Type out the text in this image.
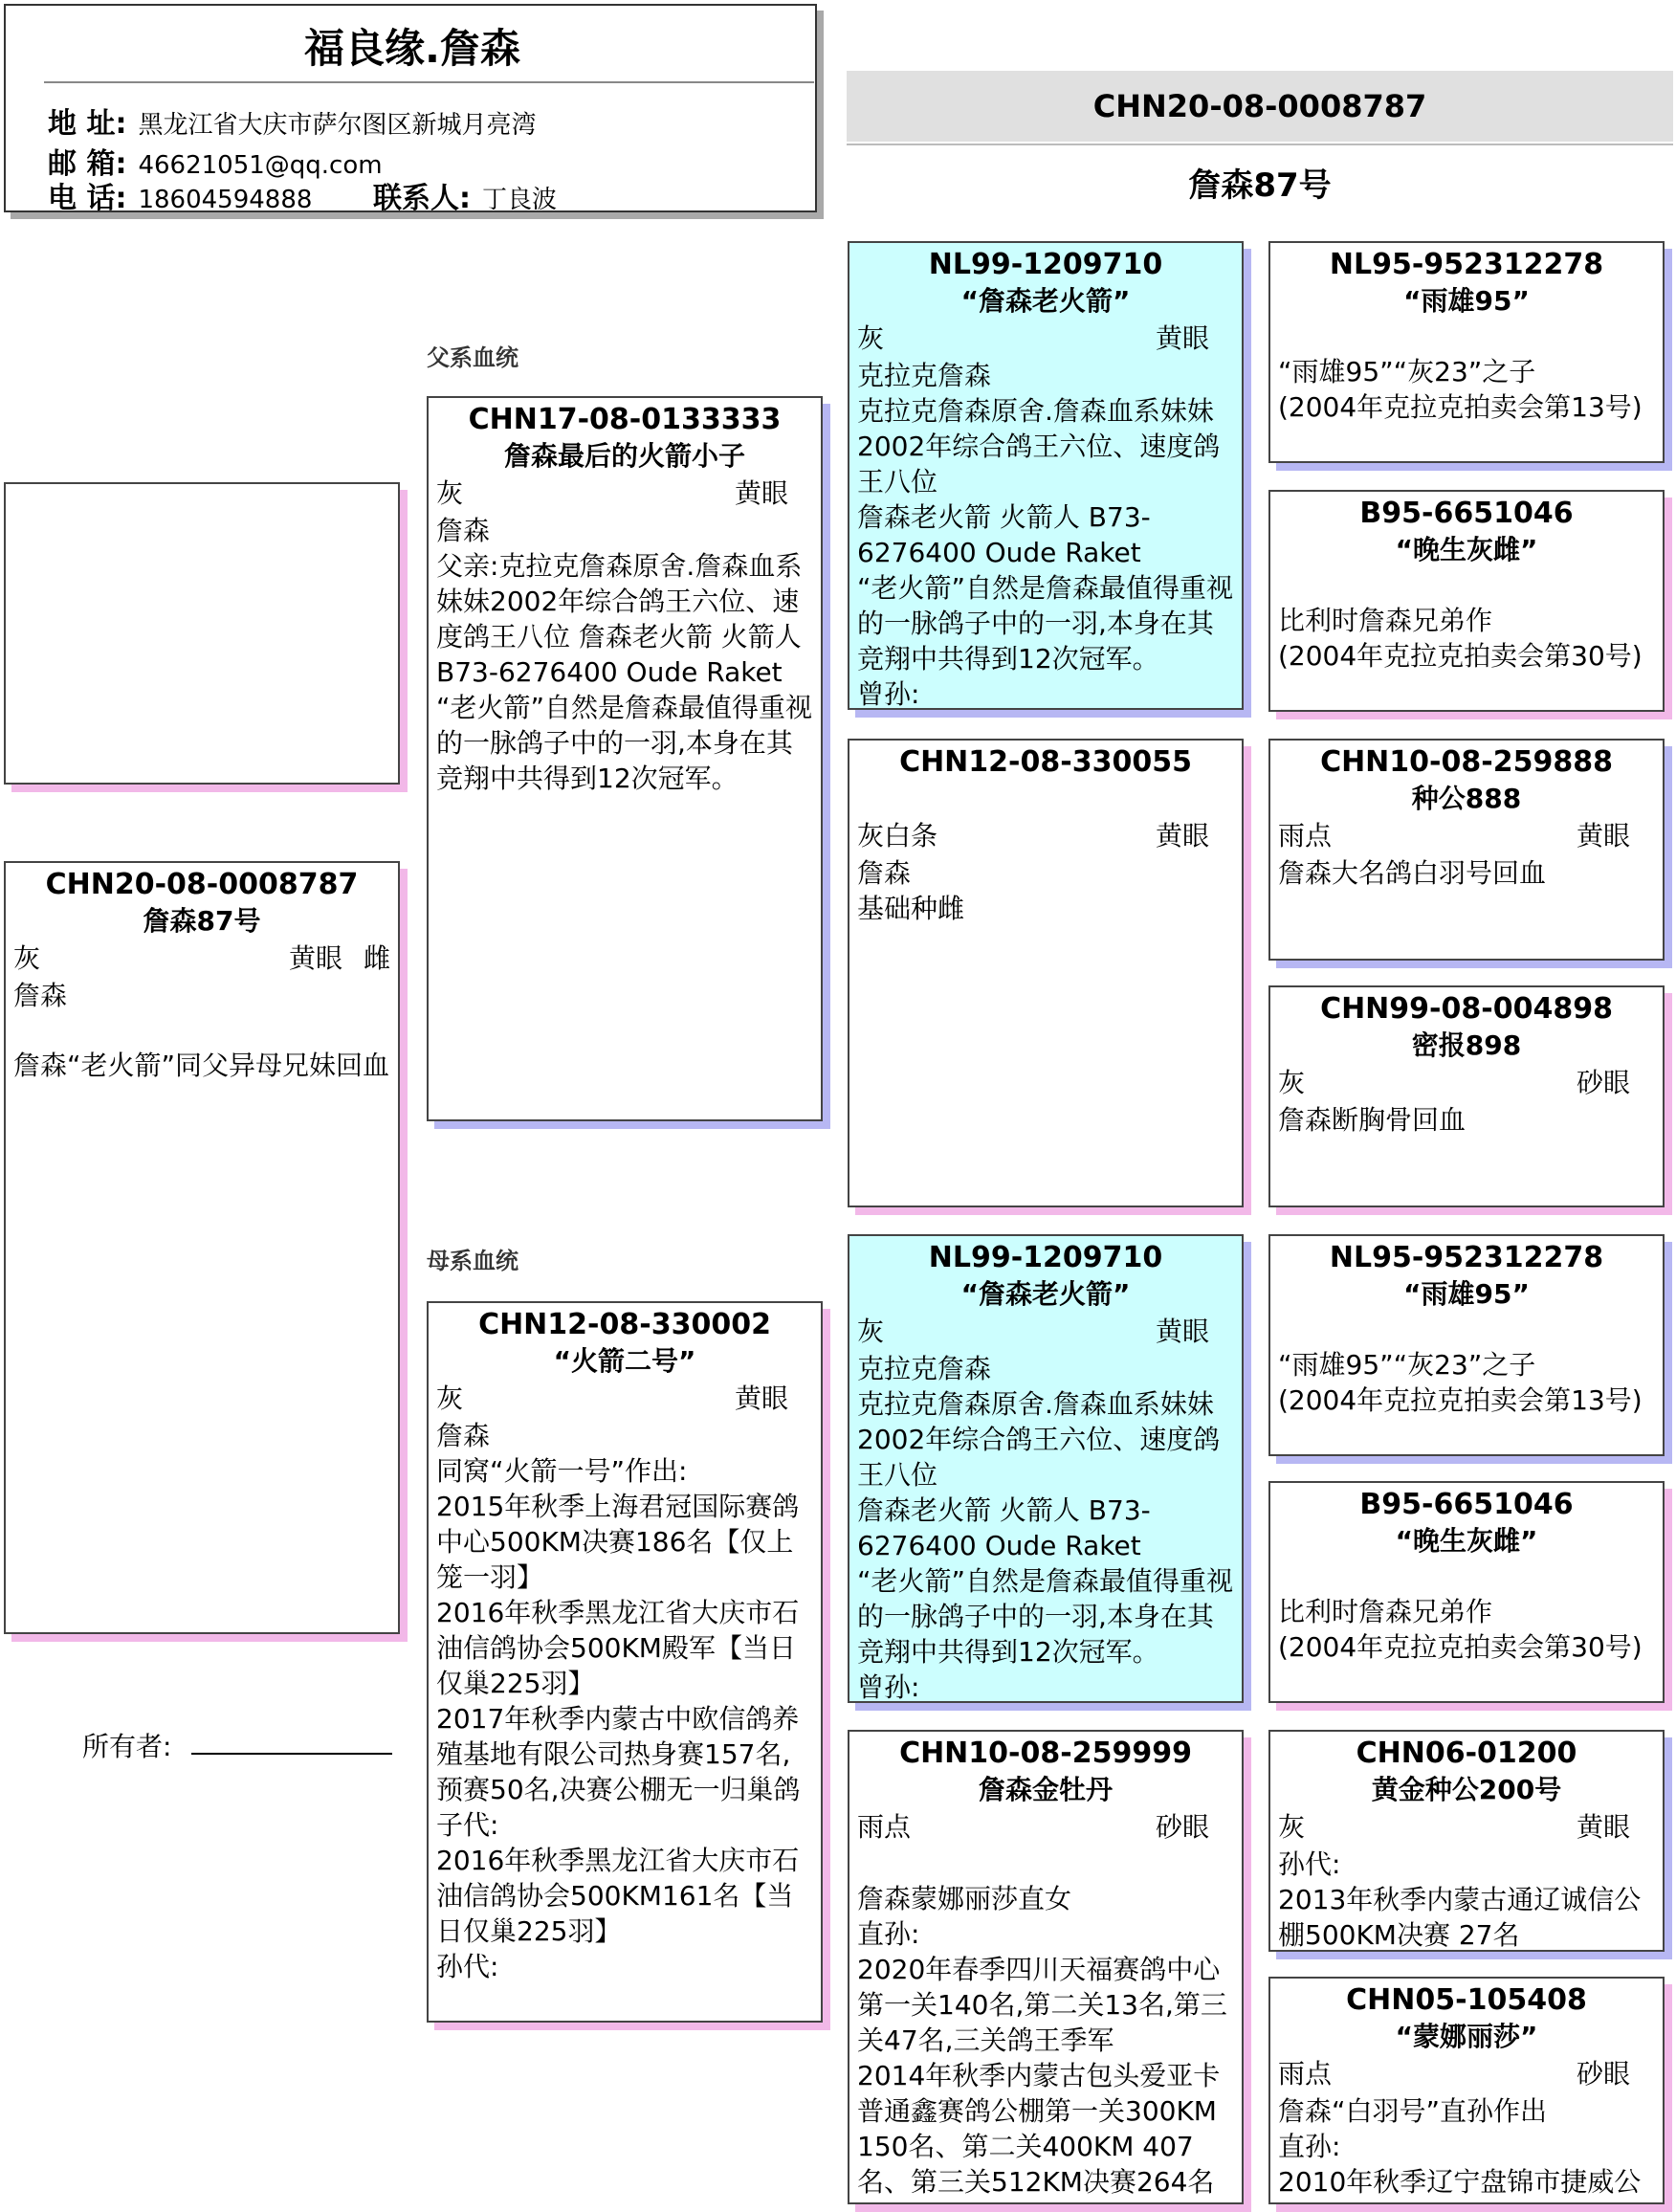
福良缘.詹森
地 址: 黑龙江省大庆市萨尔图区新城月亮湾
邮 箱: 46621051@qq.com
电 话: 18604594888 联系人: 丁良波
CHN20-08-0008787
詹森87号
CHN20-08-0008787
詹森87号
灰	黄眼 雌
詹森
詹森“老火箭”同父异母兄妹回血
父系血统
母系血统
所有者:
CHN17-08-0133333
詹森最后的火箭小子
灰	黄眼
詹森
父亲:克拉克詹森原舍.詹森血系 妹妹2002年综合鸽王六位、速度鸽王八位 詹森老火箭 火箭人 B73-6276400 Oude Raket “老火箭”自然是詹森最值得重视的一脉鸽子中的一羽,本身在其竞翔中共得到12次冠军。
CHN12-08-330002
“火箭二号”
灰	黄眼
詹森
同窝“火箭一号”作出:
2015年秋季上海君冠国际赛鸽中心500KM决赛186名【仅上笼一羽】
2016年秋季黑龙江省大庆市石油信鸽协会500KM殿军【当日仅巢225羽】
2017年秋季内蒙古中欧信鸽养殖基地有限公司热身赛157名,预赛50名,决赛公棚无一归巢鸽
子代:
2016年秋季黑龙江省大庆市石油信鸽协会500KM161名【当日仅巢225羽】
孙代:
NL99-1209710
“詹森老火箭”
灰	黄眼
克拉克詹森
克拉克詹森原舍.詹森血系妹妹2002年综合鸽王六位、速度鸽王八位
詹森老火箭 火箭人 B73-6276400 Oude Raket
“老火箭”自然是詹森最值得重视的一脉鸽子中的一羽,本身在其竞翔中共得到12次冠军。
曾孙:
CHN12-08-330055
灰白条	黄眼
詹森
基础种雌
NL99-1209710
“詹森老火箭”
灰	黄眼
克拉克詹森
克拉克詹森原舍.詹森血系妹妹2002年综合鸽王六位、速度鸽王八位
詹森老火箭 火箭人 B73-6276400 Oude Raket
“老火箭”自然是詹森最值得重视的一脉鸽子中的一羽,本身在其竞翔中共得到12次冠军。
曾孙:
CHN10-08-259999
詹森金牡丹
雨点	砂眼
詹森蒙娜丽莎直女
直孙:
2020年春季四川天福赛鸽中心第一关140名,第二关13名,第三关47名,三关鸽王季军
2014年秋季内蒙古包头爱亚卡普通鑫赛鸽公棚第一关300KM 150名、第二关400KM 407名、第三关512KM决赛264名
NL95-952312278
“雨雄95”
“雨雄95”“灰23”之子
(2004年克拉克拍卖会第13号)
B95-6651046
“晚生灰雌”
比利时詹森兄弟作
(2004年克拉克拍卖会第30号)
CHN10-08-259888
种公888
雨点	黄眼
詹森大名鸽白羽号回血
CHN99-08-004898
密报898
灰	砂眼
詹森断胸骨回血
NL95-952312278
“雨雄95”
“雨雄95”“灰23”之子
(2004年克拉克拍卖会第13号)
B95-6651046
“晚生灰雌”
比利时詹森兄弟作
(2004年克拉克拍卖会第30号)
CHN06-01200
黄金种公200号
灰	黄眼
孙代:
2013年秋季内蒙古通辽诚信公棚500KM决赛 27名
CHN05-105408
“蒙娜丽莎”
雨点	砂眼
詹森“白羽号”直孙作出
直孙:
2010年秋季辽宁盘锦市捷威公
